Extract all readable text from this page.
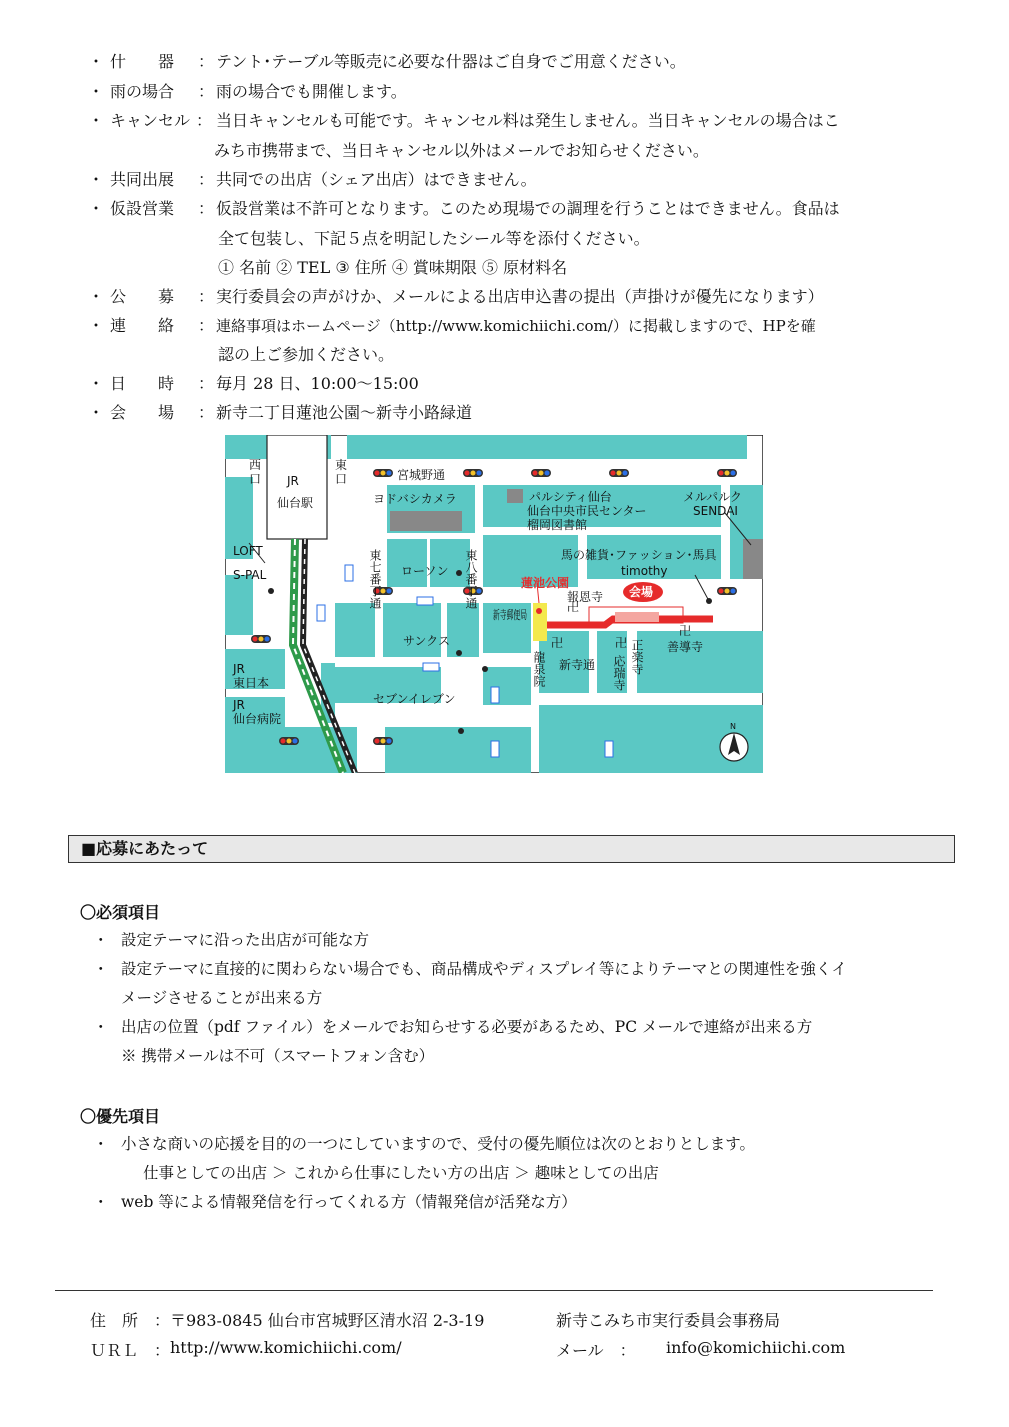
・ 什　　器 ： テント･テーブル等販売に必要な什器はご自身でご用意ください。
・ 雨の場合 ： 雨の場合でも開催します。
・ キャンセル ： 当日キャンセルも可能です。キャンセル料は発生しません。当日キャンセルの場合はこ
みち市携帯まで、当日キャンセル以外はメールでお知らせください。
・ 共同出展 ： 共同での出店（シェア出店）はできません。
・ 仮設営業 ： 仮設営業は不許可となります。このため現場での調理を行うことはできません。食品は
全て包装し、下記５点を明記したシール等を添付ください。
① 名前 ② TEL ③ 住所 ④ 賞味期限 ⑤ 原材料名
・ 公　　募 ： 実行委員会の声がけか、メールによる出店申込書の提出（声掛けが優先になります）
・ 連　　絡 ： 連絡事項はホームページ（http://www.komichiichi.com/）に掲載しますので、HPを確
認の上ご参加ください。
・ 日　　時 ： 毎月 28 日、10:00～15:00
・ 会　　場 ： 新寺二丁目蓮池公園～新寺小路緑道
卍
卍	卍
卍
西
口
東
口
JR
仙台駅
宮城野通
ヨドバシカメラ	パルシティ仙台
仙台中央市民センター
榴岡図書館
メルパルク
SENDAI
LOFT
S-PAL	東七番丁通	東八番丁通
ローソン
馬の雑貨･ファッション･馬具
timothy
蓮池公園
会場
報恩寺
新寺郵便局
サンクス
龍泉院 新寺通	正楽寺
応瑞寺
善導寺
JR
東日本
JR
仙台病院
セブンイレブン
N
■応募にあたって
〇必須項目
・ 設定テーマに沿った出店が可能な方
・ 設定テーマに直接的に関わらない場合でも、商品構成やディスプレイ等によりテーマとの関連性を強くイ
メージさせることが出来る方
・ 出店の位置（pdf ファイル）をメールでお知らせする必要があるため、PC メールで連絡が出来る方
※ 携帯メールは不可（スマートフォン含む）
〇優先項目
・ 小さな商いの応援を目的の一つにしていますので、受付の優先順位は次のとおりとします。
仕事としての出店 ＞ これから仕事にしたい方の出店 ＞ 趣味としての出店
・ web 等による情報発信を行ってくれる方（情報発信が活発な方）
住　所　： 〒983-0845 仙台市宮城野区清水沼 2-3-19	新寺こみち市実行委員会事務局
ＵＲＬ　： http://www.komichiichi.com/	メール　： info@komichiichi.com
